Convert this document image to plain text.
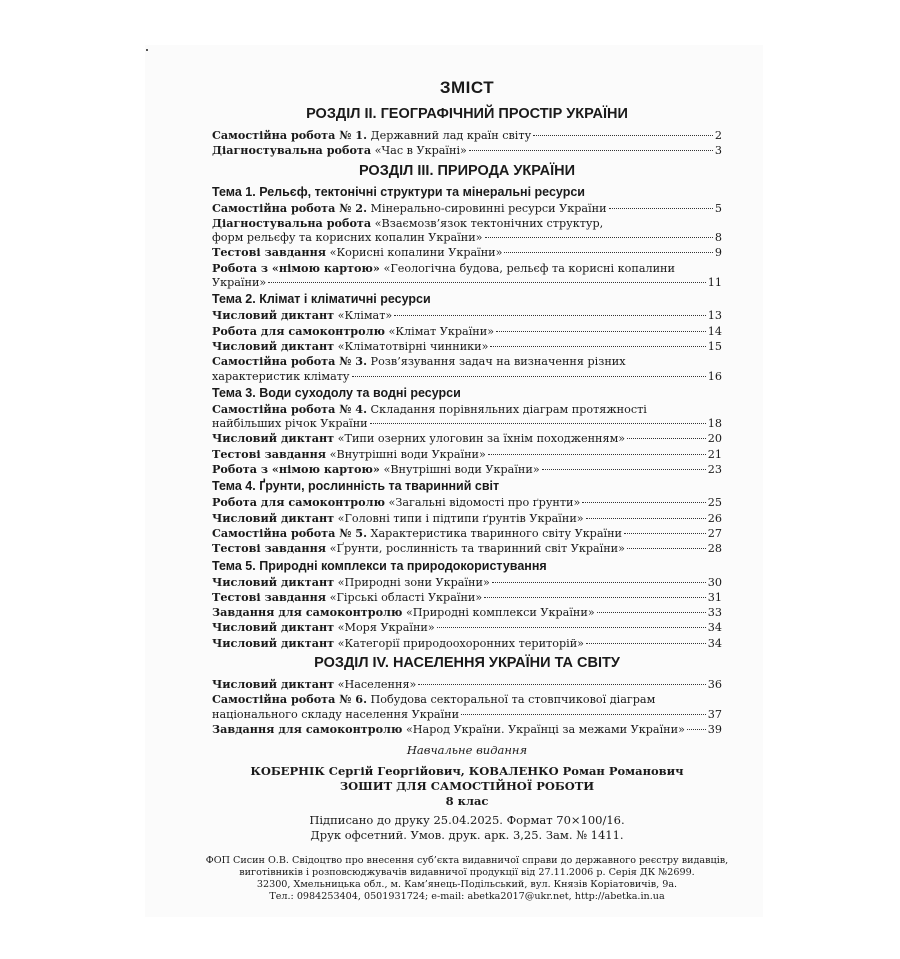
ЗМІСТ
РОЗДІЛ ІІ. ГЕОГРАФІЧНИЙ ПРОСТІР УКРАЇНИ
Самостійна робота № 1. Державний лад країн світу	2
Діагностувальна робота «Час в Україні»	3
РОЗДІЛ ІІІ. ПРИРОДА УКРАЇНИ
Тема 1. Рельєф, тектонічні структури та мінеральні ресурси
Самостійна робота № 2. Мінерально-сировинні ресурси України	5
Діагностувальна робота «Взаємозв’язок тектонічних структур,
форм рельєфу та корисних копалин України»	8
Тестові завдання «Корисні копалини України»	9
Робота з «німою картою» «Геологічна будова, рельєф та корисні копалини
України»	11
Тема 2. Клімат і кліматичні ресурси
Числовий диктант «Клімат»	13
Робота для самоконтролю «Клімат України»	14
Числовий диктант «Кліматотвірні чинники»	15
Самостійна робота № 3. Розв’язування задач на визначення різних
характеристик клімату	16
Тема 3. Води суходолу та водні ресурси
Самостійна робота № 4. Складання порівняльних діаграм протяжності
найбільших річок України	18
Числовий диктант «Типи озерних улоговин за їхнім походженням»	20
Тестові завдання «Внутрішні води України»	21
Робота з «німою картою» «Внутрішні води України»	23
Тема 4. Ґрунти, рослинність та тваринний світ
Робота для самоконтролю «Загальні відомості про ґрунти»	25
Числовий диктант «Головні типи і підтипи ґрунтів України»	26
Самостійна робота № 5. Характеристика тваринного світу України	27
Тестові завдання «Ґрунти, рослинність та тваринний світ України»	28
Тема 5. Природні комплекси та природокористування
Числовий диктант «Природні зони України»	30
Тестові завдання «Гірські області України»	31
Завдання для самоконтролю «Природні комплекси України»	33
Числовий диктант «Моря України»	34
Числовий диктант «Категорії природоохоронних територій»	34
РОЗДІЛ IV. НАСЕЛЕННЯ УКРАЇНИ ТА СВІТУ
Числовий диктант «Населення»	36
Самостійна робота № 6. Побудова секторальної та стовпчикової діаграм
національного складу населення України	37
Завдання для самоконтролю «Народ України. Українці за межами України» 39
Навчальне видання
КОБЕРНІК Сергій Георгійович, КОВАЛЕНКО Роман Романович
ЗОШИТ ДЛЯ САМОСТІЙНОЇ РОБОТИ
8 клас
Підписано до друку 25.04.2025. Формат 70×100/16.
Друк офсетний. Умов. друк. арк. 3,25. Зам. № 1411.
ФОП Сисин О.В. Свідоцтво про внесення суб’єкта видавничої справи до державного реєстру видавців,
виготівників і розповсюджувачів видавничої продукції від 27.11.2006 р. Серія ДК №2699.
32300, Хмельницька обл., м. Кам’янець-Подільський, вул. Князів Коріатовичів, 9а.
Тел.: 0984253404, 0501931724; e-mail: abetka2017@ukr.net, http://abetka.in.ua
